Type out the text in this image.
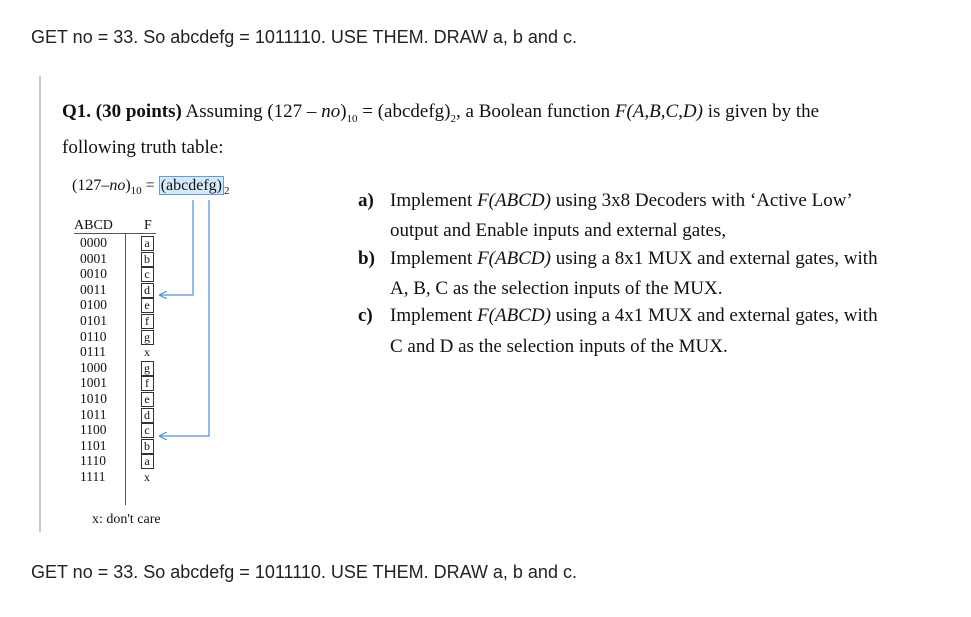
GET no = 33. So abcdefg = 1011110. USE THEM. DRAW a, b and c.
Q1. (30 points) Assuming $(127 - no)_{10}$ = $(abcdefg)_2$, a Boolean function F(A,B,C,D) is given by the
following truth table:
$(127-no)_{10}$ = (abcdefg) $_2$
ABCD F
0000
0001
0010
0011
0100
0101
0110
0111
1000
1001
1010
1011
1100
1101
1110
1111
a
b
c
d
e
f
g
x
g
f
e
d
c
b
a
x
x: don't care
a) Implement F(ABCD) using 3x8 Decoders with ‘Active Low’
output and Enable inputs and external gates,
b) Implement F(ABCD) using a 8x1 MUX and external gates, with
A, B, C as the selection inputs of the MUX.
c) Implement F(ABCD) using a 4x1 MUX and external gates, with
C and D as the selection inputs of the MUX.
GET no = 33. So abcdefg = 1011110. USE THEM. DRAW a, b and c.
